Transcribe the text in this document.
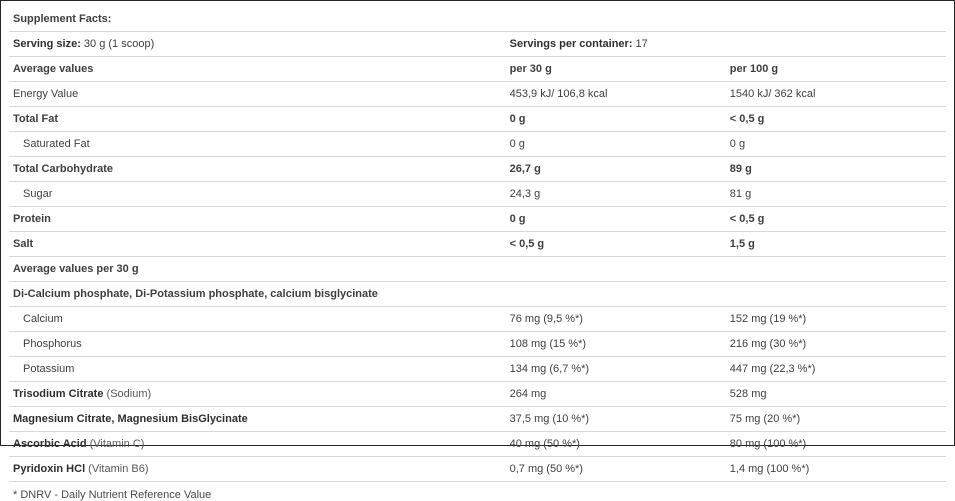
Supplement Facts:		
Serving size: 30 g (1 scoop)	Servings per container: 17	
Average values	per 30 g	per 100 g
Energy Value	453,9 kJ/ 106,8 kcal	1540 kJ/ 362 kcal
Total Fat	0 g	< 0,5 g
Saturated Fat	0 g	0 g
Total Carbohydrate	26,7 g	89 g
Sugar	24,3 g	81 g
Protein	0 g	< 0,5 g
Salt	< 0,5 g	1,5 g
Average values per 30 g		
Di-Calcium phosphate, Di-Potassium phosphate, calcium bisglycinate		
Calcium	76 mg (9,5 %*)	152 mg (19 %*)
Phosphorus	108 mg (15 %*)	216 mg (30 %*)
Potassium	134 mg (6,7 %*)	447 mg (22,3 %*)
Trisodium Citrate (Sodium)	264 mg	528 mg
Magnesium Citrate, Magnesium BisGlycinate	37,5 mg (10 %*)	75 mg (20 %*)
Ascorbic Acid (Vitamin C)	40 mg (50 %*)	80 mg (100 %*)
Pyridoxin HCl (Vitamin B6)	0,7 mg (50 %*)	1,4 mg (100 %*)
* DNRV - Daily Nutrient Reference Value
